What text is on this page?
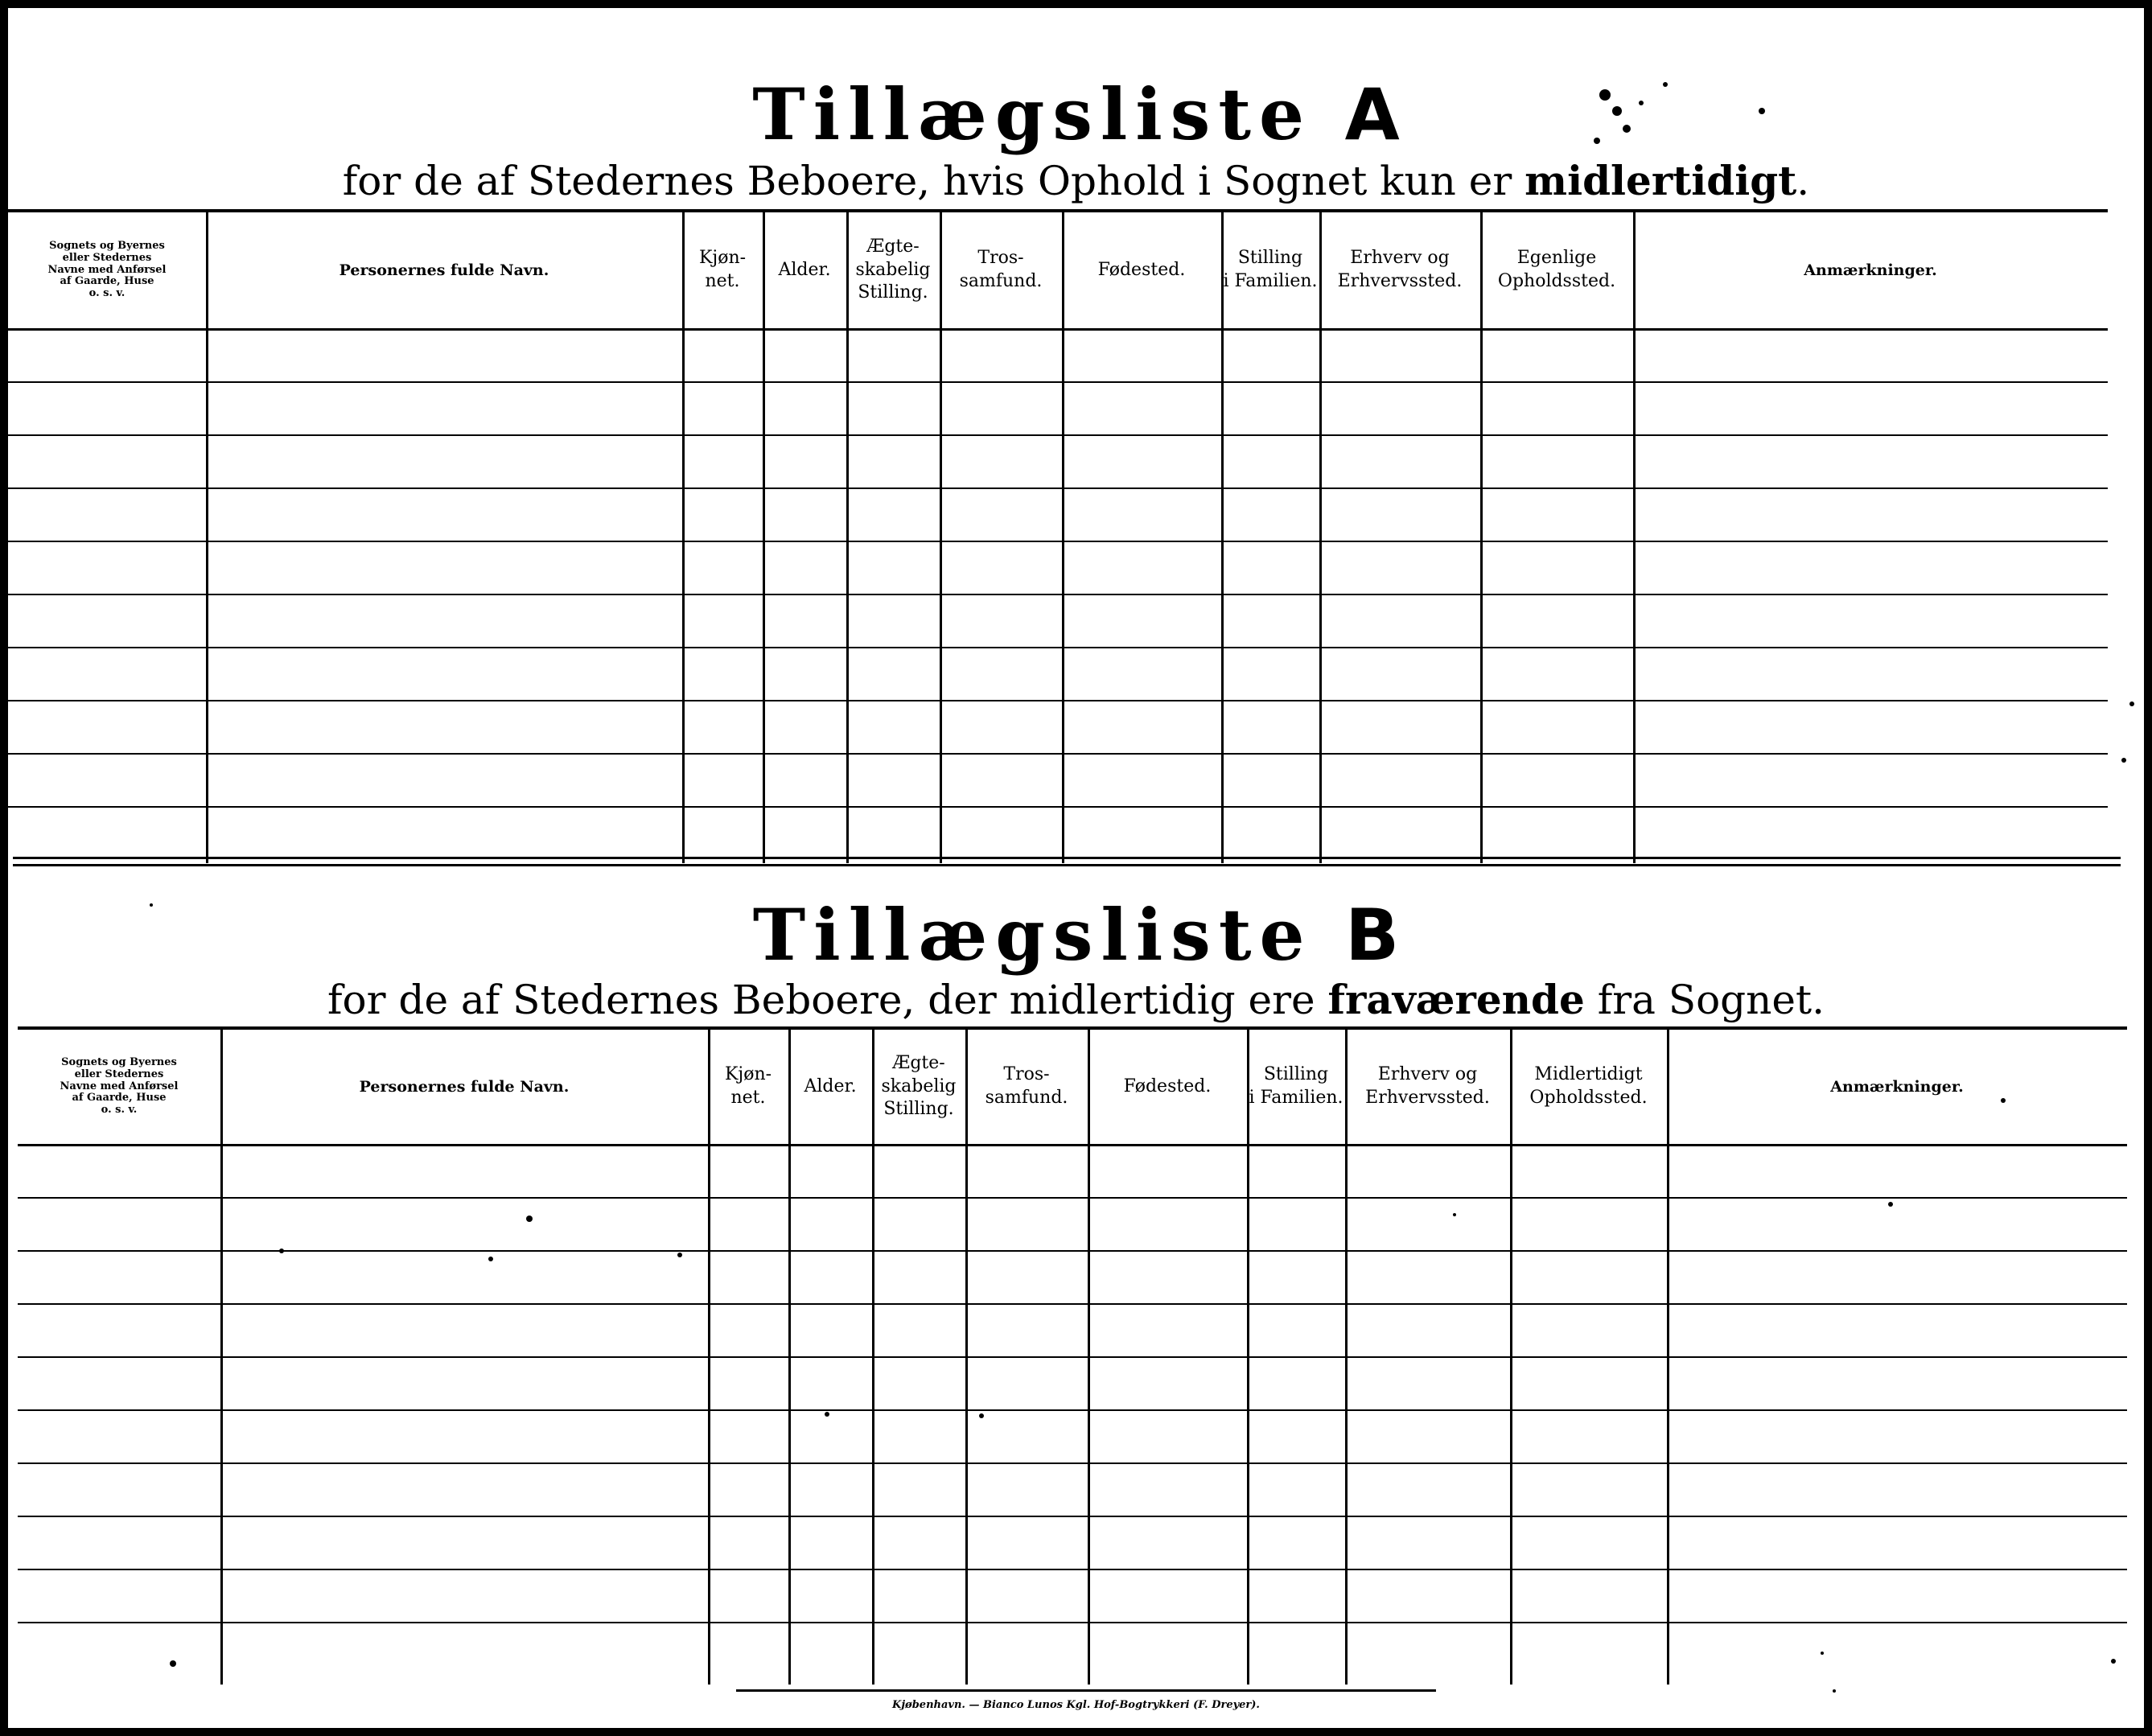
Tillægsliste A
for de af Stedernes Beboere, hvis Ophold i Sognet kun er midlertidigt.
Sognets og Byernes
eller Stedernes
Navne med Anførsel
af Gaarde, Huse
o. s. v.
Personernes fulde Navn.
Kjøn-
net.
Alder.
Ægte-
skabelig
Stilling.
Tros-
samfund.
Fødested.
Stilling
i Familien.
Erhverv og
Erhvervssted.
Egenlige
Opholdssted.
Anmærkninger.
Tillægsliste B
for de af Stedernes Beboere, der midlertidig ere fraværende fra Sognet.
Sognets og Byernes
eller Stedernes
Navne med Anførsel
af Gaarde, Huse
o. s. v.
Personernes fulde Navn.
Kjøn-
net.
Alder.
Ægte-
skabelig
Stilling.
Tros-
samfund.
Fødested.
Stilling
i Familien.
Erhverv og
Erhvervssted.
Midlertidigt
Opholdssted.
Anmærkninger.
Kjøbenhavn. — Bianco Lunos Kgl. Hof-Bogtrykkeri (F. Dreyer).
